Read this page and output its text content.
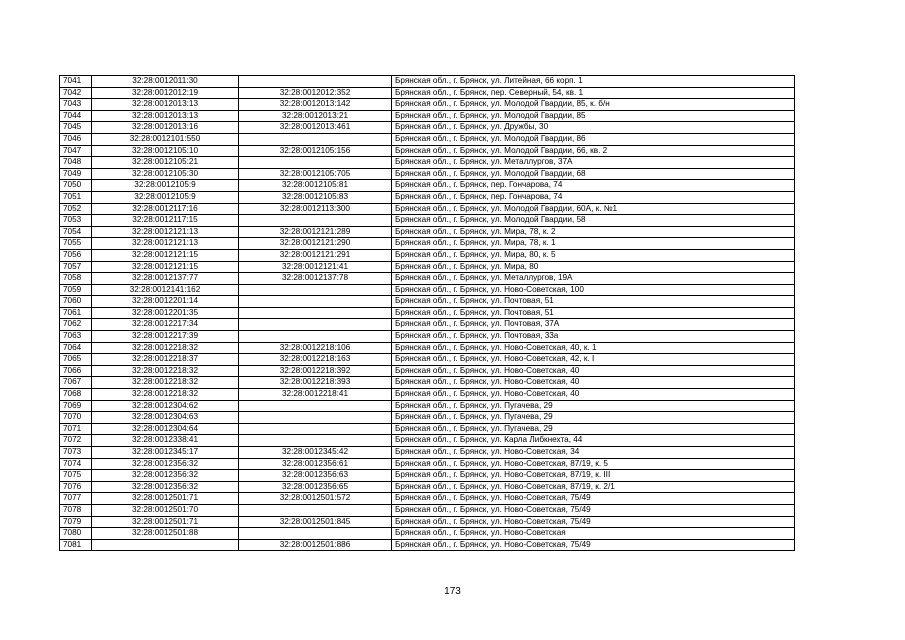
7041	32:28:0012011:30		Брянская обл., г. Брянск, ул. Литейная, 66 корп. 1
7042	32:28:0012012:19	32:28:0012012:352	Брянская обл., г. Брянск, пер. Северный, 54, кв. 1
7043	32:28:0012013:13	32:28:0012013:142	Брянская обл., г. Брянск, ул. Молодой Гвардии, 85, к. б/н
7044	32:28:0012013:13	32:28:0012013:21	Брянская обл., г. Брянск, ул. Молодой Гвардии, 85
7045	32:28:0012013:16	32:28:0012013:461	Брянская обл., г. Брянск, ул. Дружбы, 30
7046	32:28:0012101:550		Брянская обл., г. Брянск, ул. Молодой Гвардии, 86
7047	32:28:0012105:10	32:28:0012105:156	Брянская обл., г. Брянск, ул. Молодой Гвардии, 66, кв. 2
7048	32:28:0012105:21		Брянская обл., г. Брянск, ул. Металлургов, 37А
7049	32:28:0012105:30	32:28:0012105:705	Брянская обл., г. Брянск, ул. Молодой Гвардии, 68
7050	32:28:0012105:9	32:28:0012105:81	Брянская обл., г. Брянск, пер. Гончарова, 74
7051	32:28:0012105:9	32:28:0012105:83	Брянская обл., г. Брянск, пер. Гончарова, 74
7052	32:28:0012117:16	32:28:0012113:300	Брянская обл., г. Брянск, ул. Молодой Гвардии, 60А, к. №1
7053	32:28:0012117:15		Брянская обл., г. Брянск, ул. Молодой Гвардии, 58
7054	32:28:0012121:13	32:28:0012121:289	Брянская обл., г. Брянск, ул. Мира, 78, к. 2
7055	32:28:0012121:13	32:28:0012121:290	Брянская обл., г. Брянск, ул. Мира, 78, к. 1
7056	32:28:0012121:15	32:28:0012121:291	Брянская обл., г. Брянск, ул. Мира, 80, к. 5
7057	32:28:0012121:15	32:28:0012121:41	Брянская обл., г. Брянск, ул. Мира, 80
7058	32:28:0012137:77	32:28:0012137:78	Брянская обл., г. Брянск, ул. Металлургов, 19А
7059	32:28:0012141:162		Брянская обл., г. Брянск, ул. Ново-Советская, 100
7060	32:28:0012201:14		Брянская обл., г. Брянск, ул. Почтовая, 51
7061	32:28:0012201:35		Брянская обл., г. Брянск, ул. Почтовая, 51
7062	32:28:0012217:34		Брянская обл., г. Брянск, ул. Почтовая, 37А
7063	32:28:0012217:39		Брянская обл., г. Брянск, ул. Почтовая, 33а
7064	32:28:0012218:32	32:28:0012218:106	Брянская обл., г. Брянск, ул. Ново-Советская, 40, к. 1
7065	32:28:0012218:37	32:28:0012218:163	Брянская обл., г. Брянск, ул. Ново-Советская, 42, к. I
7066	32:28:0012218:32	32:28:0012218:392	Брянская обл., г. Брянск, ул. Ново-Советская, 40
7067	32:28:0012218:32	32:28:0012218:393	Брянская обл., г. Брянск, ул. Ново-Советская, 40
7068	32:28:0012218:32	32:28:0012218:41	Брянская обл., г. Брянск, ул. Ново-Советская, 40
7069	32:28:0012304:62		Брянская обл., г. Брянск, ул. Пугачева, 29
7070	32:28:0012304:63		Брянская обл., г. Брянск, ул. Пугачева, 29
7071	32:28:0012304:64		Брянская обл., г. Брянск, ул. Пугачева, 29
7072	32:28:0012338:41		Брянская обл., г. Брянск, ул. Карла Либкнехта, 44
7073	32:28:0012345:17	32:28:0012345:42	Брянская обл., г. Брянск, ул. Ново-Советская, 34
7074	32:28:0012356:32	32:28:0012356:61	Брянская обл., г. Брянск, ул. Ново-Советская, 87/19, к. 5
7075	32:28:0012356:32	32:28:0012356:63	Брянская обл., г. Брянск, ул. Ново-Советская, 87/19, к. III
7076	32:28:0012356:32	32:28:0012356:65	Брянская обл., г. Брянск, ул. Ново-Советская, 87/19, к. 2/1
7077	32:28:0012501:71	32:28:0012501:572	Брянская обл., г. Брянск, ул. Ново-Советская, 75/49
7078	32:28:0012501:70		Брянская обл., г. Брянск, ул. Ново-Советская, 75/49
7079	32:28:0012501:71	32:28:0012501:845	Брянская обл., г. Брянск, ул. Ново-Советская, 75/49
7080	32:28:0012501:88		Брянская обл., г. Брянск, ул. Ново-Советская
7081		32:28:0012501:886	Брянская обл., г. Брянск, ул. Ново-Советская, 75/49
173
